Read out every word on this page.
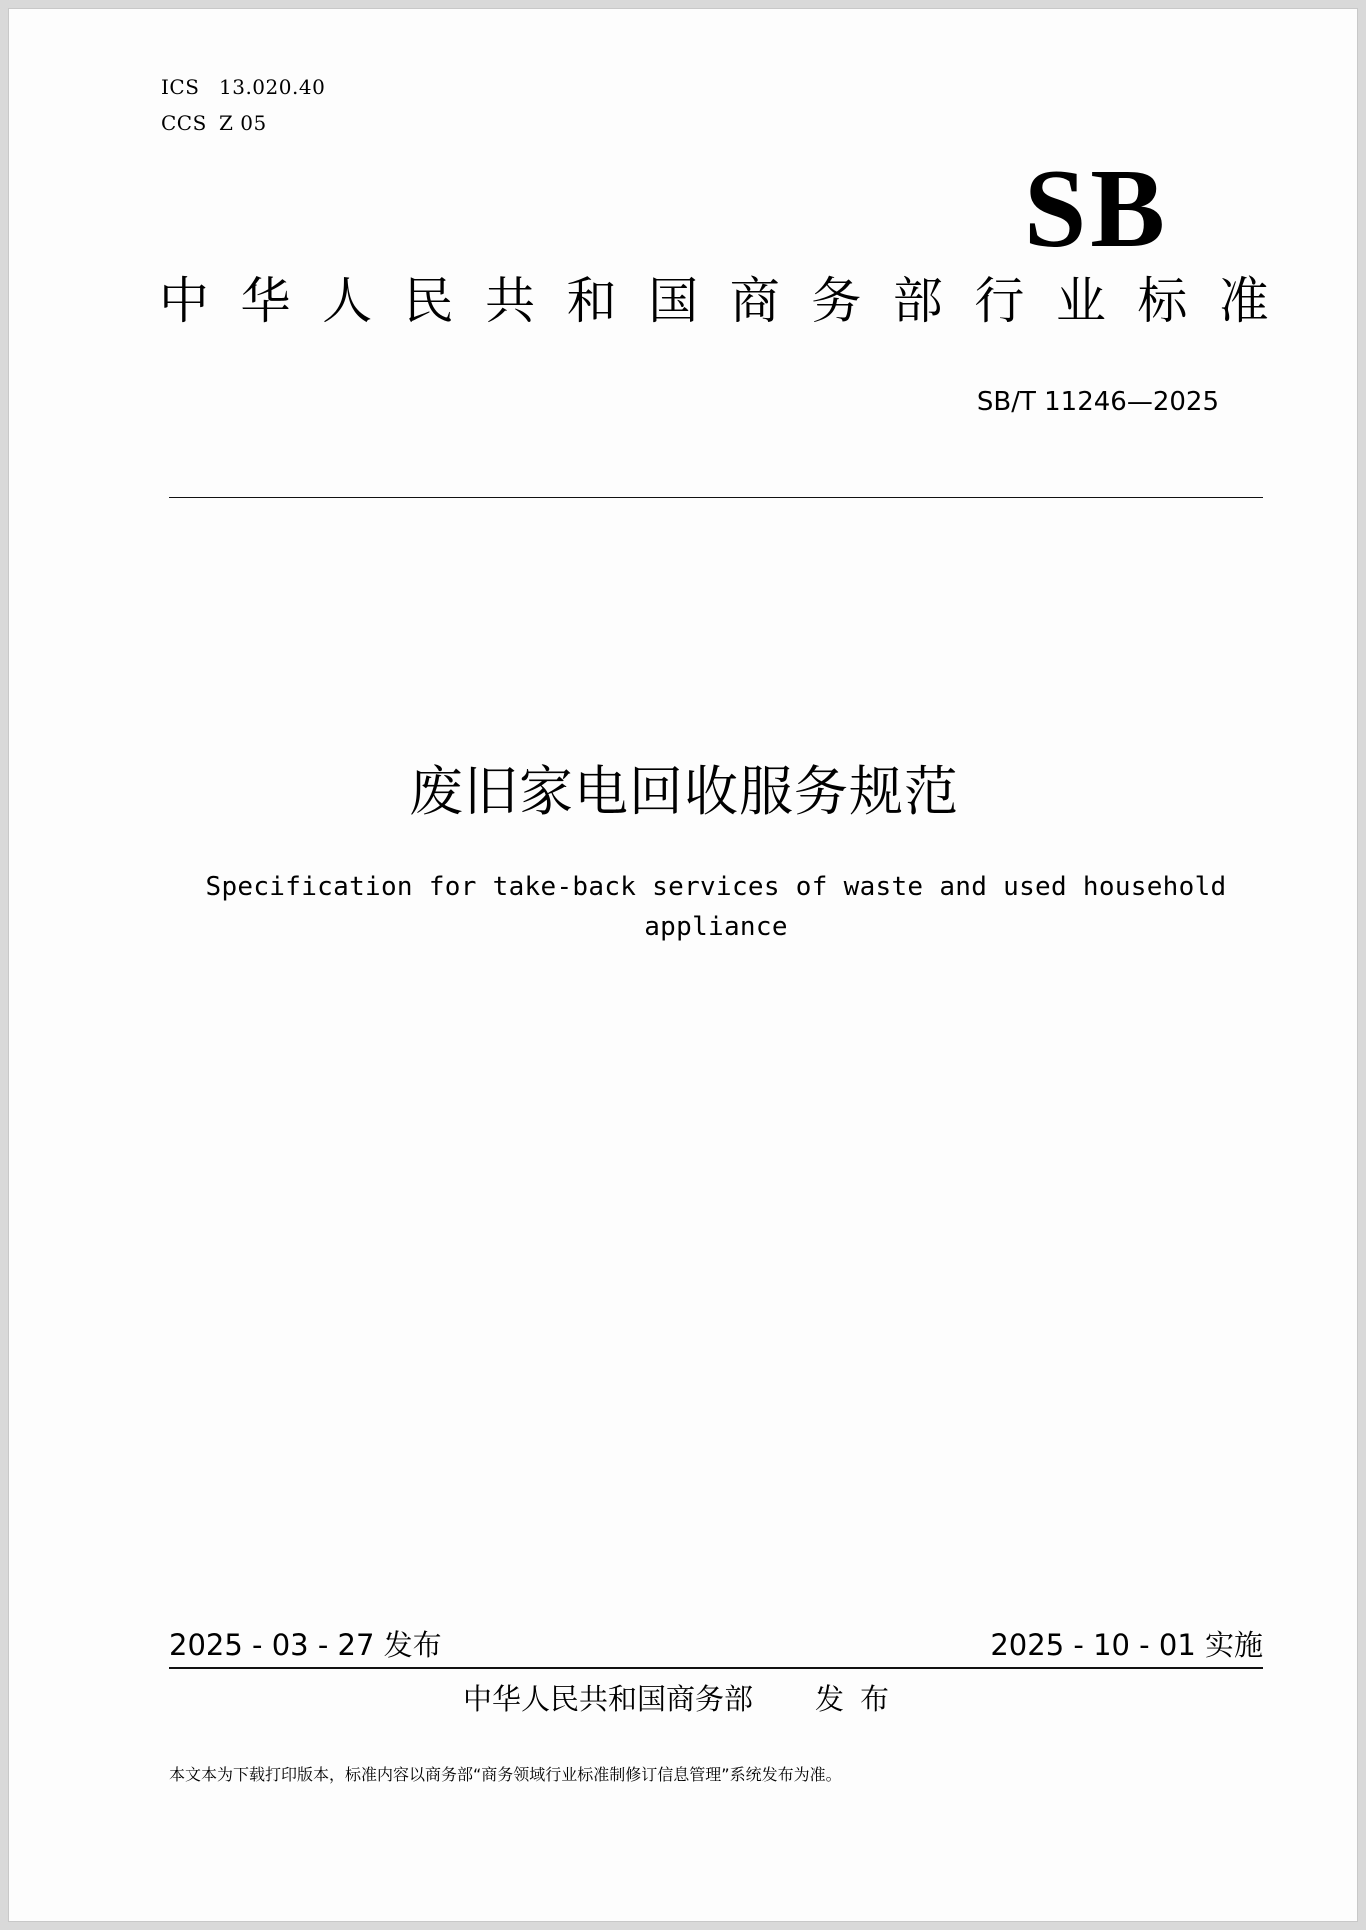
ICS 13.020.40
CCS Z 05
SB
中 华 人 民 共 和 国 商 务 部 行 业 标 准
SB/T 11246—2025
废旧家电回收服务规范
Specification for take-back services of waste and used household
appliance
2025 - 03 - 27 发布	2025 - 10 - 01 实施
中华人民共和国商务部 发布
本文本为下载打印版本，标准内容以商务部“商务领域行业标准制修订信息管理”系统发布为准。
